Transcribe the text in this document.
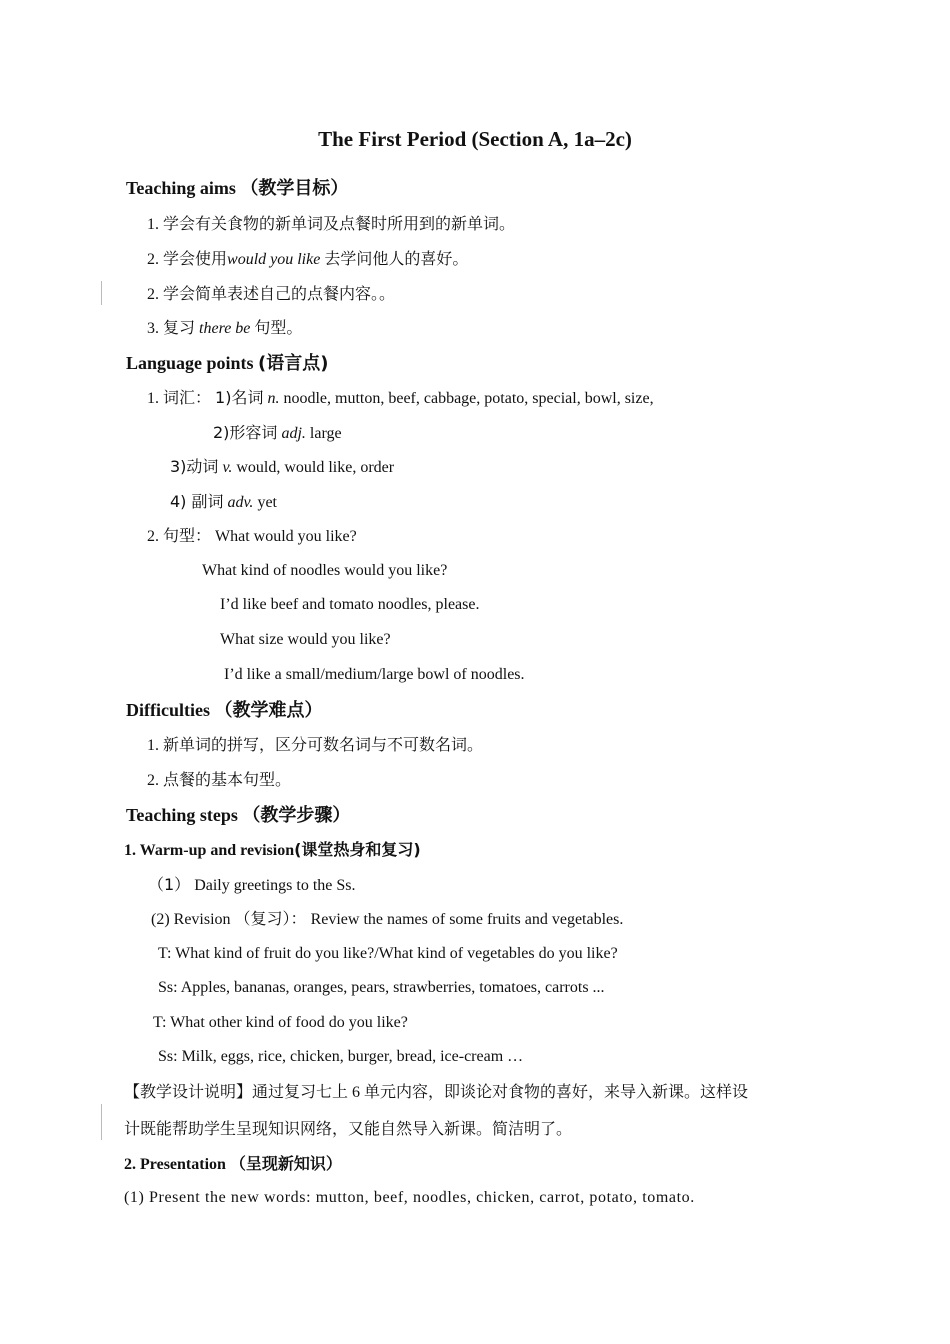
The First Period (Section A, 1a–2c)
Teaching aims （教学目标）
1. 学会有关食物的新单词及点餐时所用到的新单词。
2. 学会使用would you like 去学问他人的喜好。
2. 学会简单表述自己的点餐内容。。
3. 复习 there be 句型。
Language points (语言点)
1. 词汇： 1)名词 n. noodle, mutton, beef, cabbage, potato, special, bowl, size,
2)形容词 adj. large
3)动词 v. would, would like, order
4) 副词 adv. yet
2. 句型： What would you like?
What kind of noodles would you like?
I’d like beef and tomato noodles, please.
What size would you like?
I’d like a small/medium/large bowl of noodles.
Difficulties （教学难点）
1. 新单词的拼写，区分可数名词与不可数名词。
2. 点餐的基本句型。
Teaching steps （教学步骤）
1. Warm-up and revision(课堂热身和复习)
（1） Daily greetings to the Ss.
(2) Revision （复习）： Review the names of some fruits and vegetables.
T: What kind of fruit do you like?/What kind of vegetables do you like?
Ss: Apples, bananas, oranges, pears, strawberries, tomatoes, carrots ...
T: What other kind of food do you like?
Ss: Milk, eggs, rice, chicken, burger, bread, ice-cream …
【教学设计说明】通过复习七上 6 单元内容，即谈论对食物的喜好，来导入新课。这样设
计既能帮助学生呈现知识网络，又能自然导入新课。简洁明了。
2. Presentation （呈现新知识）
(1) Present the new words: mutton, beef, noodles, chicken, carrot, potato, tomato.
